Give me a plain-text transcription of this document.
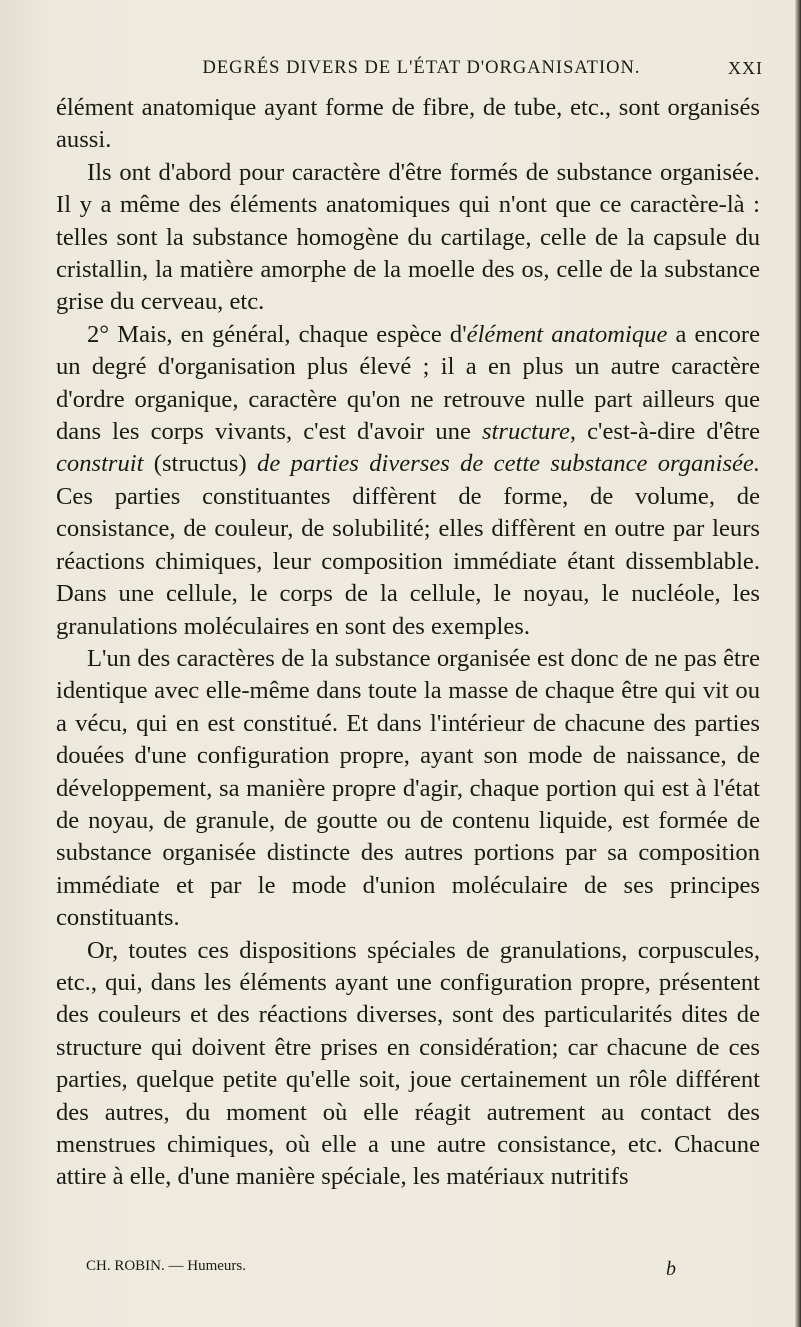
DEGRÉS DIVERS DE L'ÉTAT D'ORGANISATION.	XXI

élément anatomique ayant forme de fibre, de tube, etc., sont organisés aussi.

Ils ont d'abord pour caractère d'être formés de substance organisée. Il y a même des éléments anatomiques qui n'ont que ce caractère-là : telles sont la substance homogène du cartilage, celle de la capsule du cristallin, la matière amorphe de la moelle des os, celle de la substance grise du cerveau, etc.

2° Mais, en général, chaque espèce d'élément anatomique a encore un degré d'organisation plus élevé ; il a en plus un autre caractère d'ordre organique, caractère qu'on ne retrouve nulle part ailleurs que dans les corps vivants, c'est d'avoir une structure, c'est-à-dire d'être construit (structus) de parties diverses de cette substance organisée. Ces parties constituantes diffèrent de forme, de volume, de consistance, de couleur, de solubilité; elles diffèrent en outre par leurs réactions chimiques, leur composition immédiate étant dissemblable. Dans une cellule, le corps de la cellule, le noyau, le nucléole, les granulations moléculaires en sont des exemples.

L'un des caractères de la substance organisée est donc de ne pas être identique avec elle-même dans toute la masse de chaque être qui vit ou a vécu, qui en est constitué. Et dans l'intérieur de chacune des parties douées d'une configuration propre, ayant son mode de naissance, de développement, sa manière propre d'agir, chaque portion qui est à l'état de noyau, de granule, de goutte ou de contenu liquide, est formée de substance organisée distincte des autres portions par sa composition immédiate et par le mode d'union moléculaire de ses principes constituants.

Or, toutes ces dispositions spéciales de granulations, corpuscules, etc., qui, dans les éléments ayant une configuration propre, présentent des couleurs et des réactions diverses, sont des particularités dites de structure qui doivent être prises en considération; car chacune de ces parties, quelque petite qu'elle soit, joue certainement un rôle différent des autres, du moment où elle réagit autrement au contact des menstrues chimiques, où elle a une autre consistance, etc. Chacune attire à elle, d'une manière spéciale, les matériaux nutritifs

CH. ROBIN. — Humeurs.	b
